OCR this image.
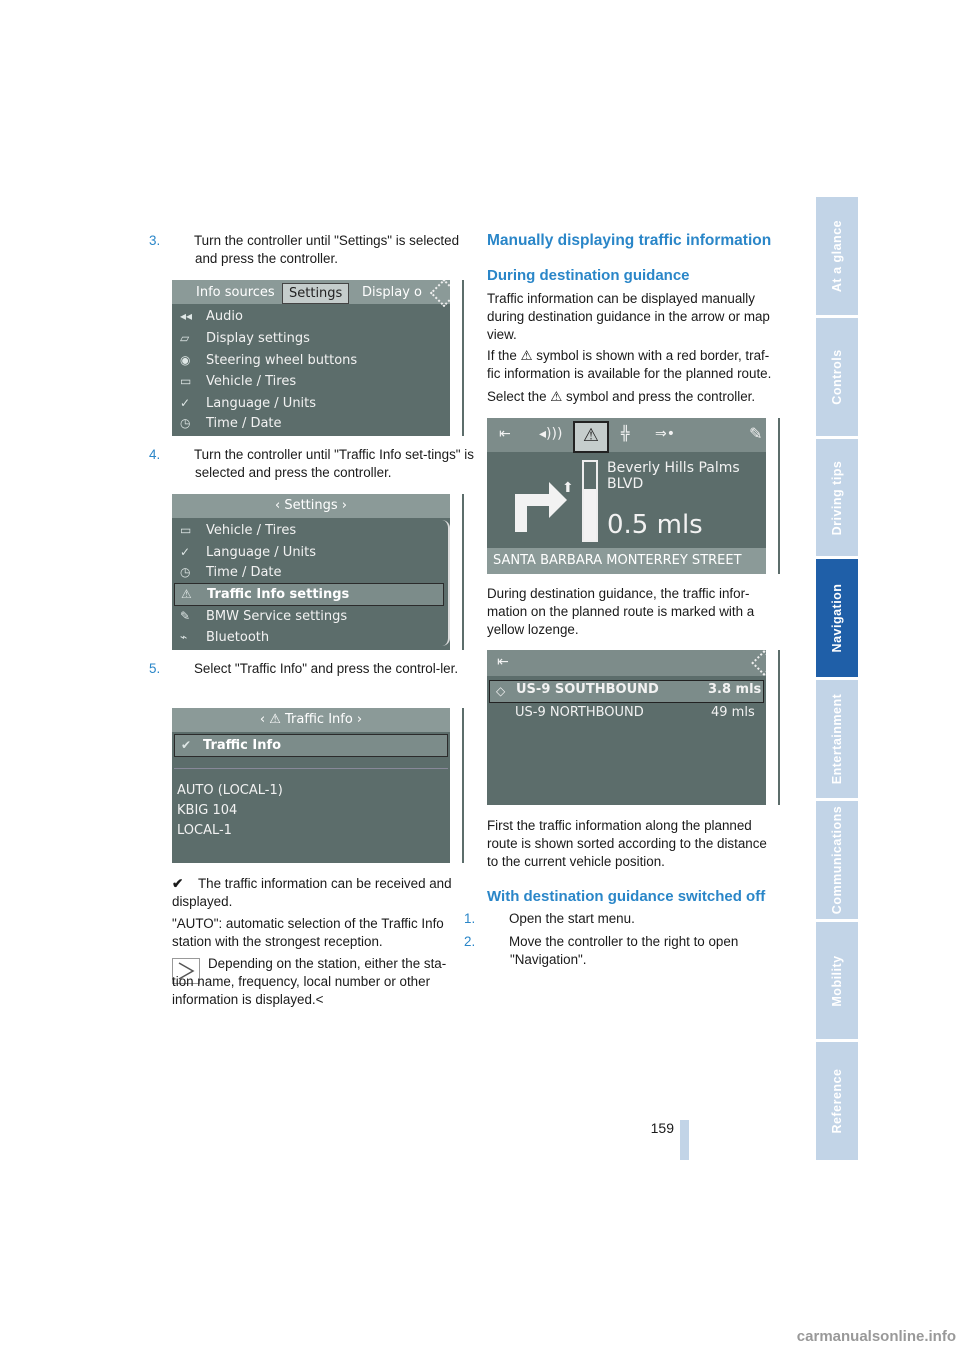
3.	Turn the controller until "Settings" is selected and press the controller.

Info sources	Settings	Display o
◂◂ Audio
▱ Display settings
◉ Steering wheel buttons
▭ Vehicle / Tires
✓ Language / Units
◷ Time / Date

4.	Turn the controller until "Traffic Info set-tings" is selected and press the controller.

‹ Settings ›
▭ Vehicle / Tires
✓ Language / Units
◷ Time / Date
⚠ Traffic Info settings
✎ BMW Service settings
⌁ Bluetooth

5.	Select "Traffic Info" and press the control-ler.

‹ ⚠ Traffic Info ›
✔ Traffic Info
AUTO (LOCAL-1)
KBIG 104
LOCAL-1

✔ The traffic information can be received and displayed.

"AUTO": automatic selection of the Traffic Info station with the strongest reception.

Depending on the station, either the sta-tion name, frequency, local number or other information is displayed.<

Manually displaying traffic information
During destination guidance

Traffic information can be displayed manually during destination guidance in the arrow or map view.

If the ⚠ symbol is shown with a red border, traf-fic information is available for the planned route.

Select the ⚠ symbol and press the controller.

⇤ ◂)))	⚠	╬ ⇒•	✎
⬆
Beverly Hills Palms BLVD
0.5 mls
SANTA BARBARA MONTERREY STREET

During destination guidance, the traffic infor-mation on the planned route is marked with a yellow lozenge.

⇤
◇ US-9 SOUTHBOUND	3.8 mls
US-9 NORTHBOUND	49 mls

First the traffic information along the planned route is shown sorted according to the distance to the current vehicle position.

With destination guidance switched off

1.	Open the start menu.

2.	Move the controller to the right to open "Navigation".

At a glance
Controls
Driving tips
Navigation
Entertainment
Communications
Mobility
Reference
159
carmanualsonline.info
